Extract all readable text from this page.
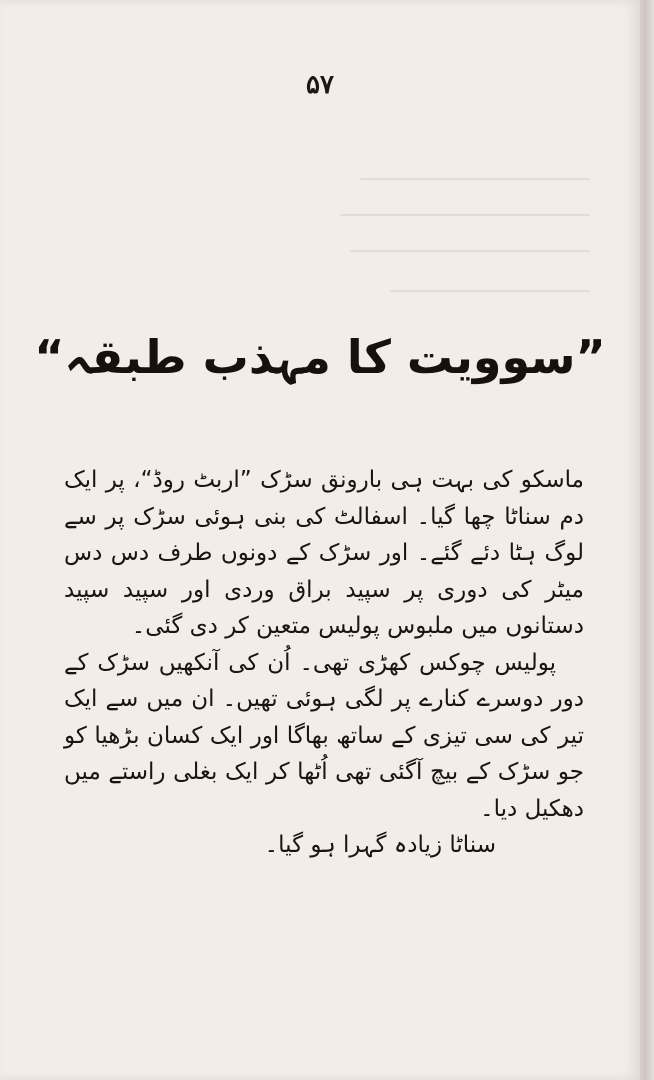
۵۷
”سوویت کا مہذب طبقہ“

ماسکو کی بہت ہی بارونق سڑک ”اربٹ روڈ“، پر ایک دم سناٹا چھا گیا۔ اسفالٹ کی بنی ہوئی سڑک پر سے لوگ ہٹا دئے گئے۔ اور سڑک کے دونوں طرف دس دس میٹر کی دوری پر سپید براق وردی اور سپید سپید دستانوں میں ملبوس پولیس متعین کر دی گئی۔

پولیس چوکس کھڑی تھی۔ اُن کی آنکھیں سڑک کے دور دوسرے کنارے پر لگی ہوئی تھیں۔ ان میں سے ایک تیر کی سی تیزی کے ساتھ بھاگا اور ایک کسان بڑھیا کو جو سڑک کے بیچ آگئی تھی اُٹھا کر ایک بغلی راستے میں دھکیل دیا۔

سناٹا زیادہ گہرا ہو گیا۔
